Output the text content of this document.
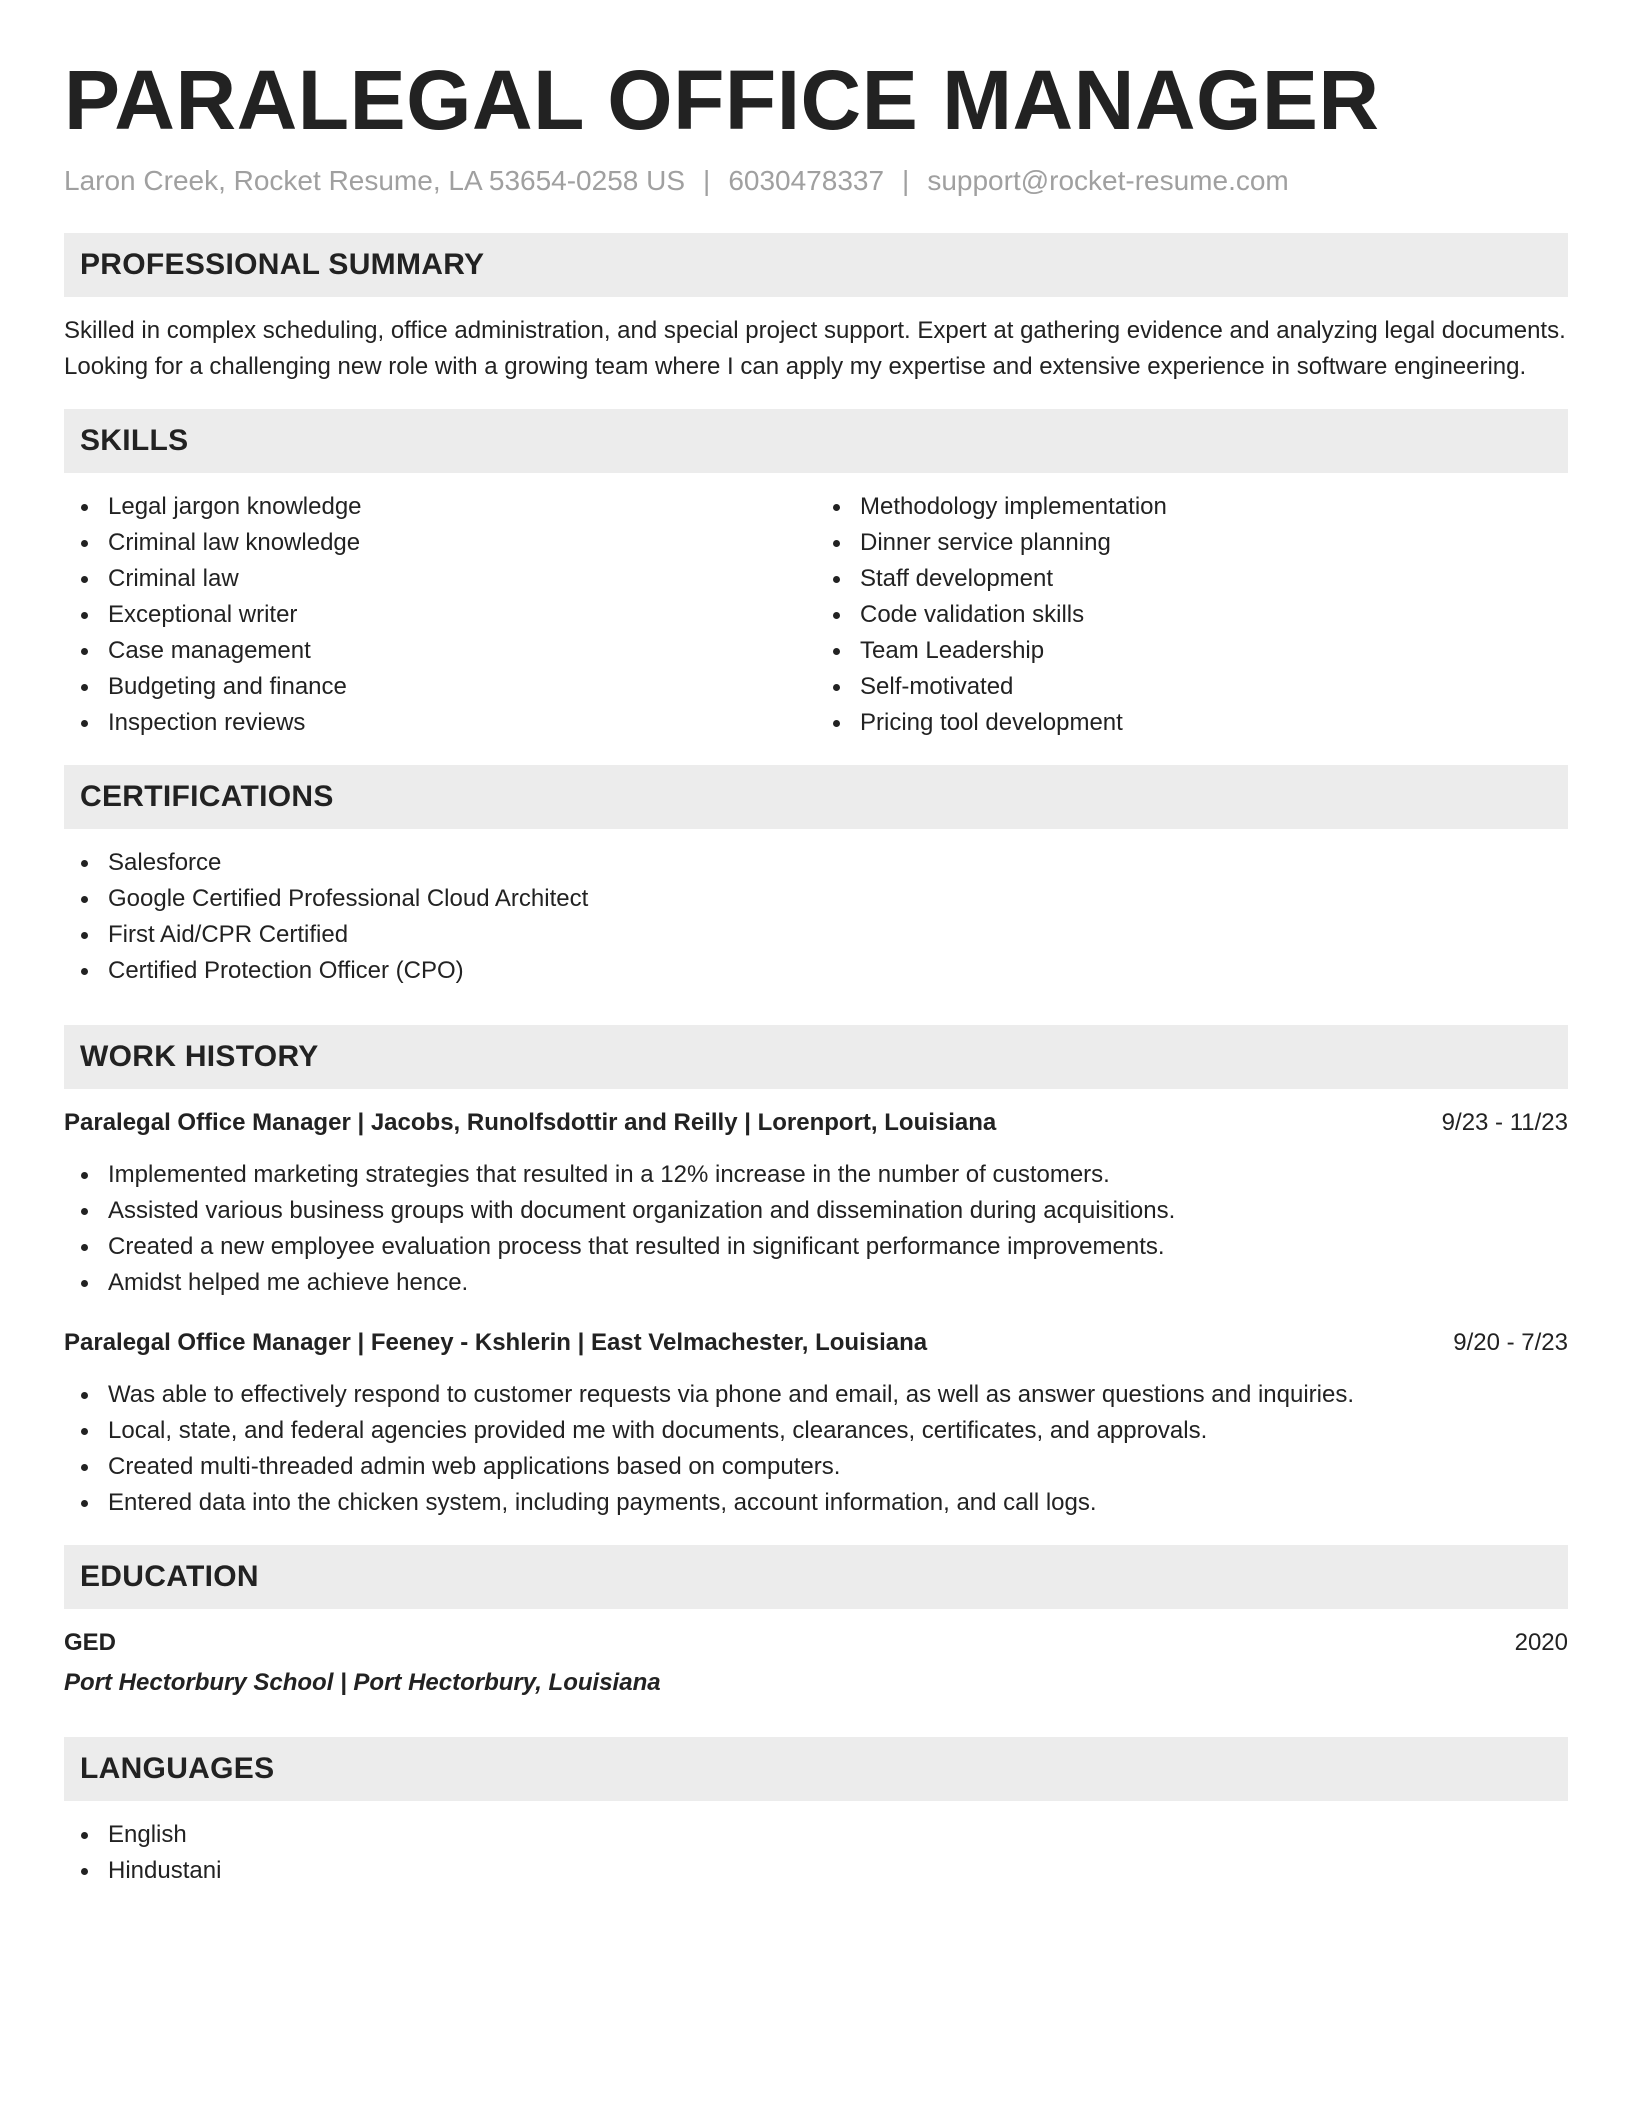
PARALEGAL OFFICE MANAGER
Laron Creek, Rocket Resume, LA 53654-0258 US | 6030478337 | support@rocket-resume.com
PROFESSIONAL SUMMARY

Skilled in complex scheduling, office administration, and special project support. Expert at gathering evidence and analyzing legal documents. Looking for a challenging new role with a growing team where I can apply my expertise and extensive experience in software engineering.

SKILLS
Legal jargon knowledge
Criminal law knowledge
Criminal law
Exceptional writer
Case management
Budgeting and finance
Inspection reviews
Methodology implementation
Dinner service planning
Staff development
Code validation skills
Team Leadership
Self-motivated
Pricing tool development
CERTIFICATIONS
Salesforce
Google Certified Professional Cloud Architect
First Aid/CPR Certified
Certified Protection Officer (CPO)
WORK HISTORY
Paralegal Office Manager | Jacobs, Runolfsdottir and Reilly | Lorenport, Louisiana	9/23 - 11/23
Implemented marketing strategies that resulted in a 12% increase in the number of customers.
Assisted various business groups with document organization and dissemination during acquisitions.
Created a new employee evaluation process that resulted in significant performance improvements.
Amidst helped me achieve hence.
Paralegal Office Manager | Feeney - Kshlerin | East Velmachester, Louisiana	9/20 - 7/23
Was able to effectively respond to customer requests via phone and email, as well as answer questions and inquiries.
Local, state, and federal agencies provided me with documents, clearances, certificates, and approvals.
Created multi-threaded admin web applications based on computers.
Entered data into the chicken system, including payments, account information, and call logs.
EDUCATION
GED	2020
Port Hectorbury School | Port Hectorbury, Louisiana
LANGUAGES
English
Hindustani
